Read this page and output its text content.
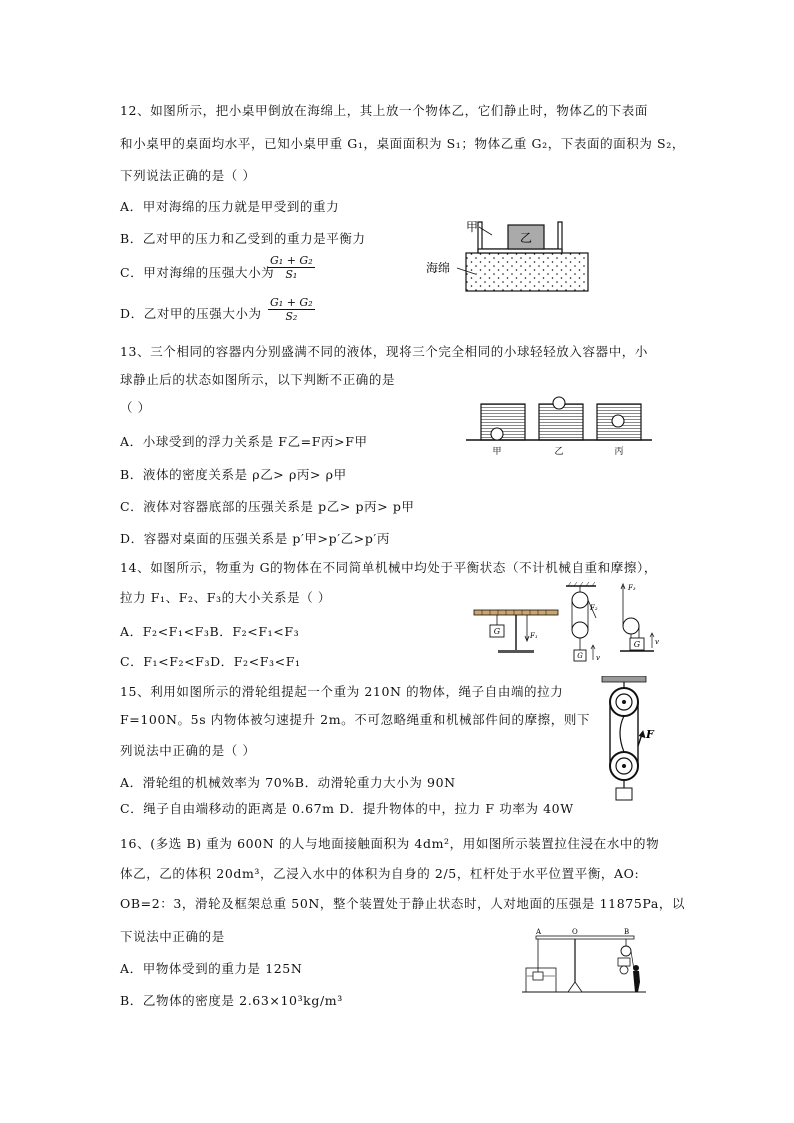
12、如图所示，把小桌甲倒放在海绵上，其上放一个物体乙，它们静止时，物体乙的下表面
和小桌甲的桌面均水平，已知小桌甲重 G₁，桌面面积为 S₁；物体乙重 G₂，下表面的面积为 S₂，
下列说法正确的是（ ）
A．甲对海绵的压力就是甲受到的重力
B．乙对甲的压力和乙受到的重力是平衡力
C．甲对海绵的压强大小为
$\frac{\text{G₁ + G₂}}{\text{S₁}}$
D．乙对甲的压强大小为 $\frac{\text{G₁ + G₂}}{\text{S₂}}$
乙
甲
海绵
13、三个相同的容器内分别盛满不同的液体，现将三个完全相同的小球轻轻放入容器中，小
球静止后的状态如图所示，以下判断不正确的是
（ ）
A．小球受到的浮力关系是 F乙=F丙>F甲
B．液体的密度关系是 ρ乙> ρ丙> ρ甲
C．液体对容器底部的压强关系是 p乙> p丙> p甲
D．容器对桌面的压强关系是 p′甲>p′乙>p′丙
甲	乙	丙
14、如图所示，物重为 G的物体在不同简单机械中均处于平衡状态（不计机械自重和摩擦），
拉力 F₁、F₂、F₃的大小关系是（ ）
A．F₂<F₁<F₃B．F₂<F₁<F₃
C．F₁<F₂<F₃D．F₂<F₃<F₁
G	F₁
F₂
G v
F₃
G v
15、利用如图所示的滑轮组提起一个重为 210N 的物体，绳子自由端的拉力
F=100N。5s 内物体被匀速提升 2m。不可忽略绳重和机械部件间的摩擦，则下
列说法中正确的是（ ）
A．滑轮组的机械效率为 70%B．动滑轮重力大小为 90N
C．绳子自由端移动的距离是 0.67m D．提升物体的中，拉力 F 功率为 40W
F
16、(多选 B) 重为 600N 的人与地面接触面积为 4dm²，用如图所示装置拉住浸在水中的物
体乙，乙的体积 20dm³，乙浸入水中的体积为自身的 2/5，杠杆处于水平位置平衡，AO:
OB=2：3，滑轮及框架总重 50N，整个装置处于静止状态时，人对地面的压强是 11875Pa，以
下说法中正确的是
A．甲物体受到的重力是 125N
B．乙物体的密度是 2.63×10³kg/m³
A	O	B
